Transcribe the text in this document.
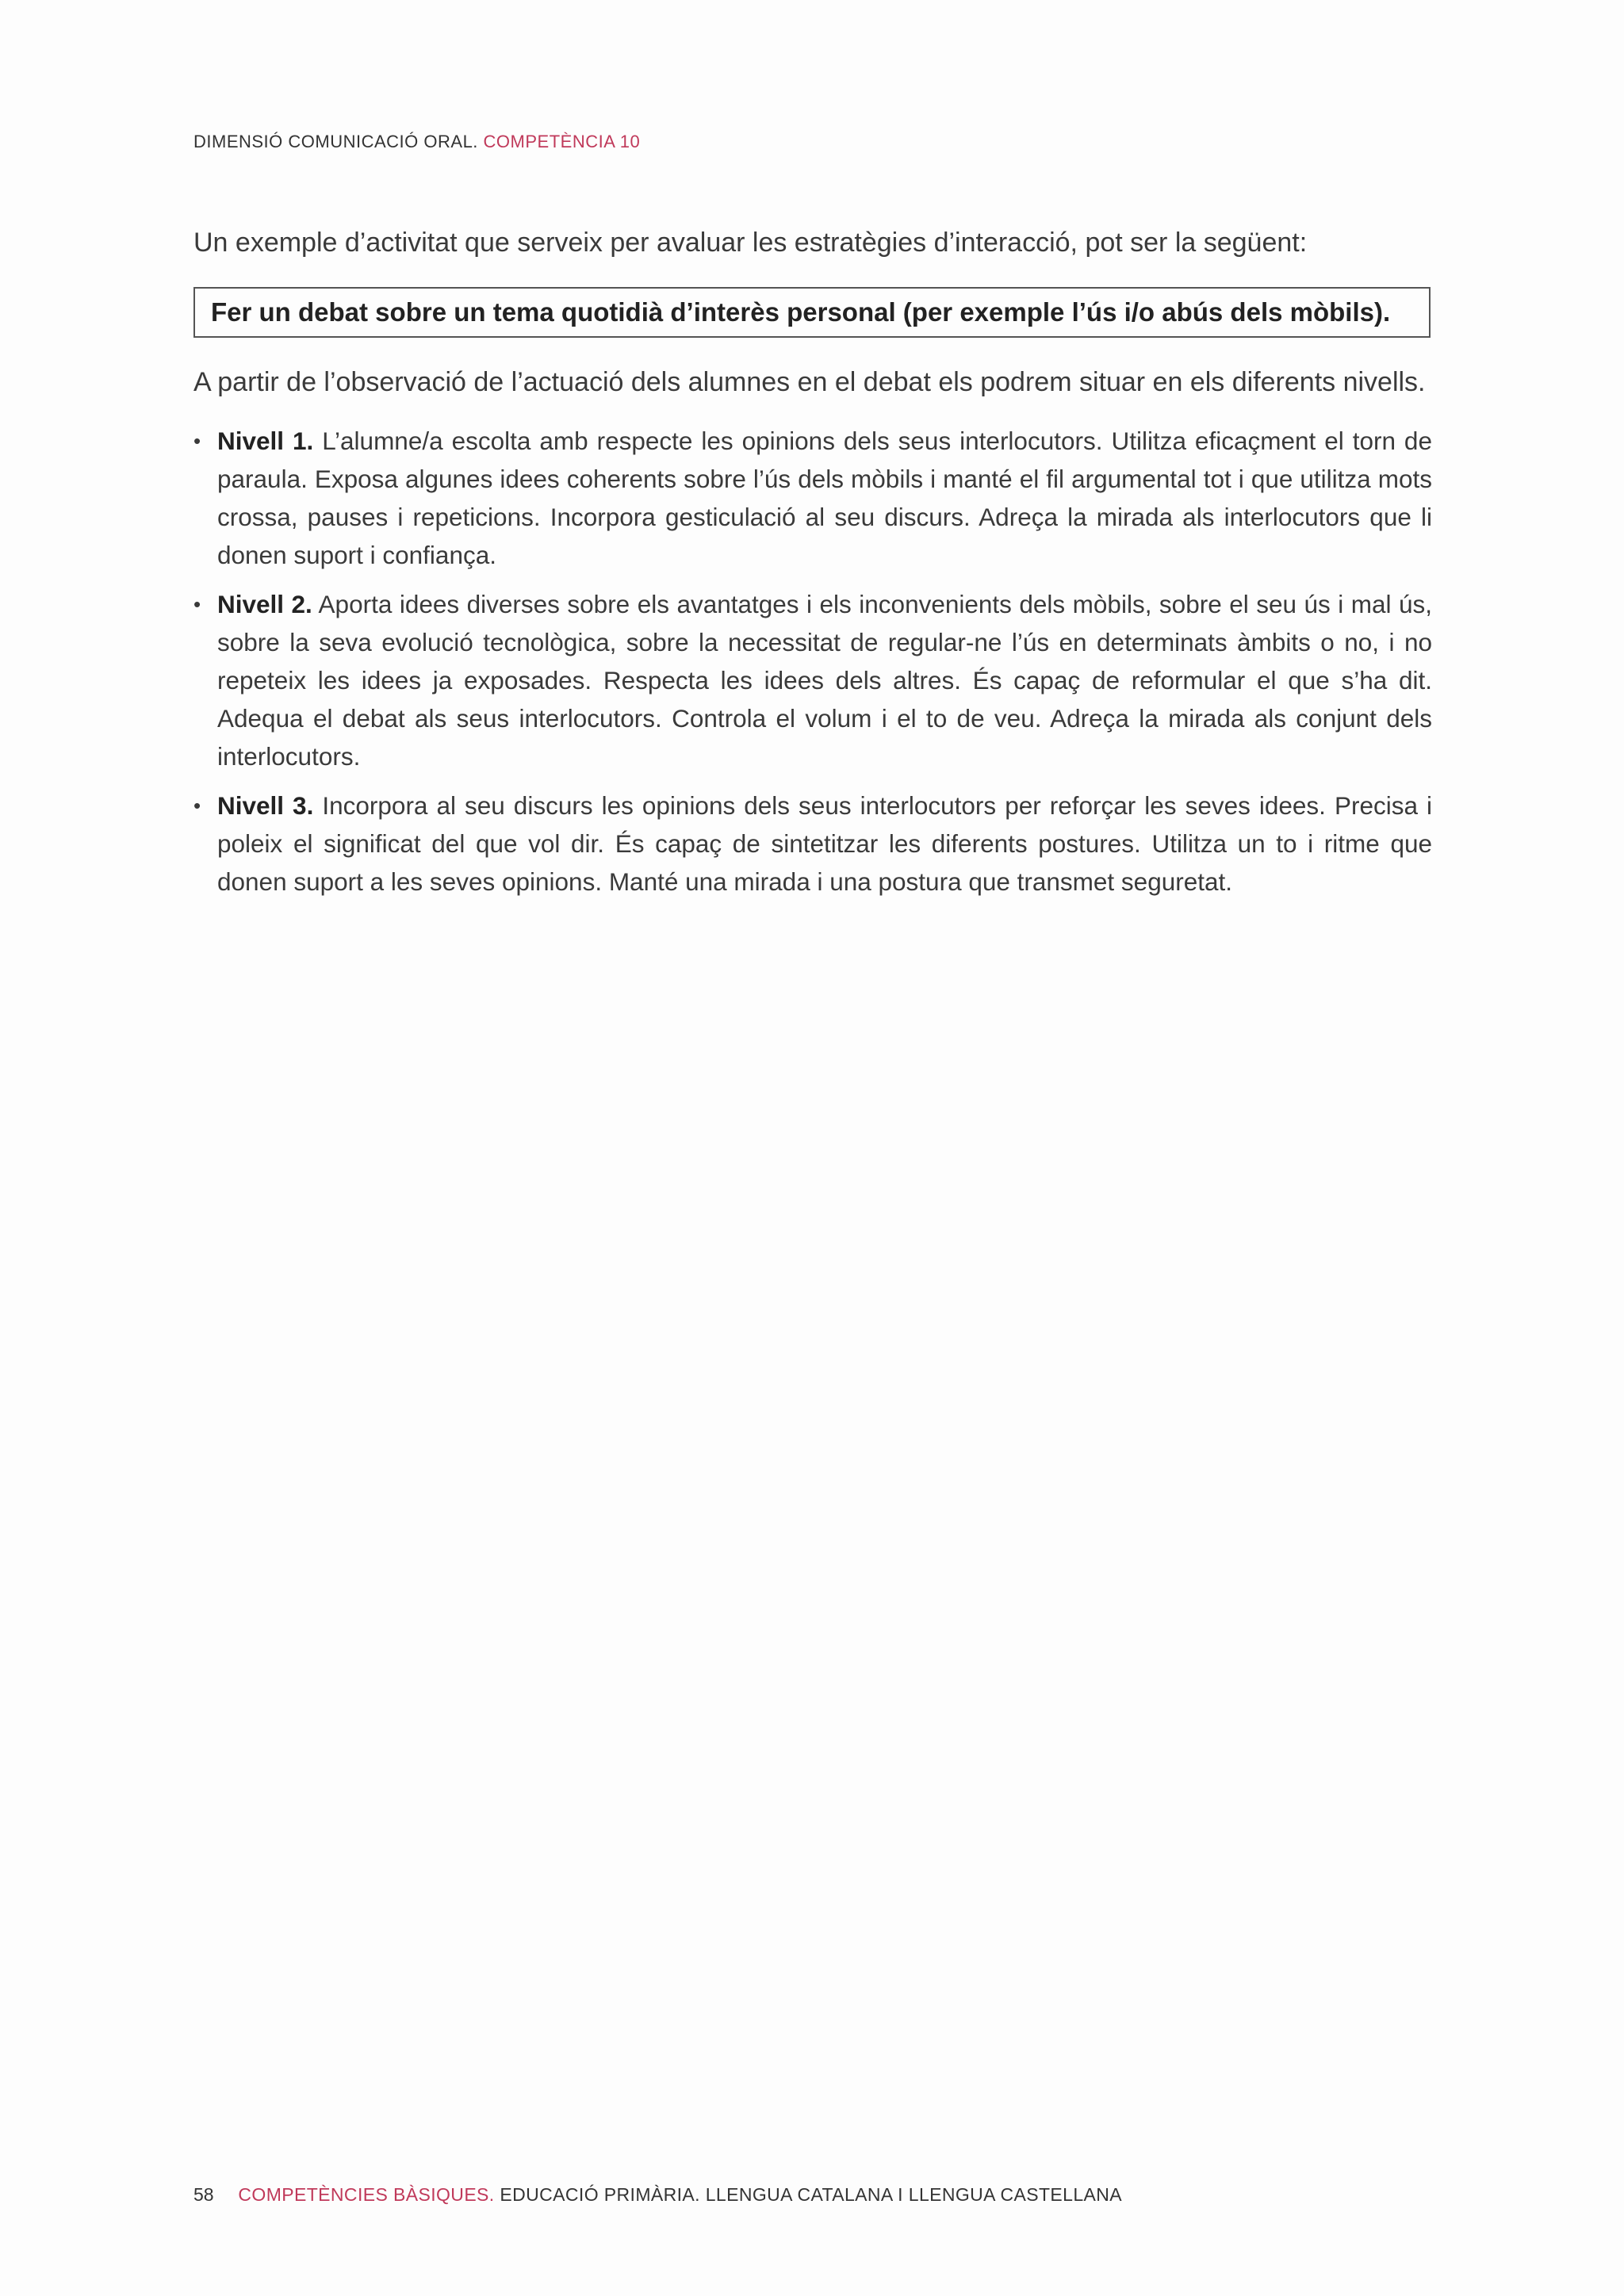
DIMENSIÓ COMUNICACIÓ ORAL. COMPETÈNCIA 10

Un exemple d’activitat que serveix per avaluar les estratègies d’interacció, pot ser la següent:

Fer un debat sobre un tema quotidià d’interès personal (per exemple l’ús i/o abús dels mòbils).

A partir de l’observació de l’actuació dels alumnes en el debat els podrem situar en els diferents nivells.

• Nivell 1. L’alumne/a escolta amb respecte les opinions dels seus interlocutors. Utilitza eficaçment el torn de paraula. Exposa algunes idees coherents sobre l’ús dels mòbils i manté el fil argumental tot i que utilitza mots crossa, pauses i repeticions. Incorpora gesticulació al seu discurs. Adreça la mirada als interlocutors que li donen suport i confiança.
• Nivell 2. Aporta idees diverses sobre els avantatges i els inconvenients dels mòbils, sobre el seu ús i mal ús, sobre la seva evolució tecnològica, sobre la necessitat de regular-ne l’ús en determinats àmbits o no, i no repeteix les idees ja exposades. Respecta les idees dels altres. És capaç de reformular el que s’ha dit. Adequa el debat als seus interlocutors. Controla el volum i el to de veu. Adreça la mirada als conjunt dels interlocutors.
• Nivell 3. Incorpora al seu discurs les opinions dels seus interlocutors per reforçar les seves idees. Precisa i poleix el significat del que vol dir. És capaç de sintetitzar les diferents postures. Utilitza un to i ritme que donen suport a les seves opinions. Manté una mirada i una postura que transmet seguretat.
58 COMPETÈNCIES BÀSIQUES. EDUCACIÓ PRIMÀRIA. LLENGUA CATALANA I LLENGUA CASTELLANA
